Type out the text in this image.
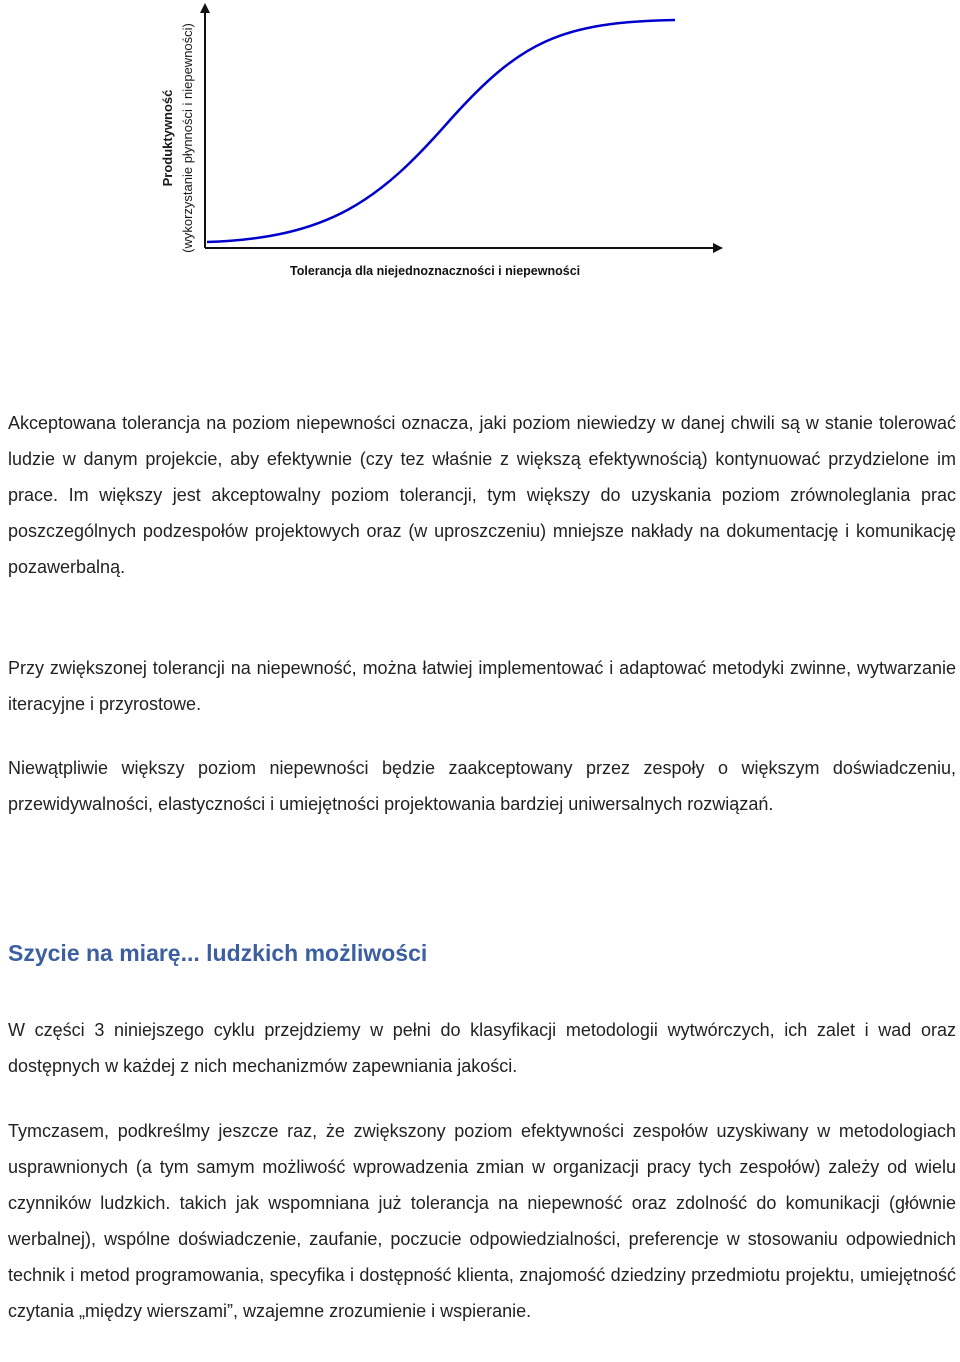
Produktywność (wykorzystanie płynności i niepewności)
Tolerancja dla niejednoznaczności i niepewności

Akceptowana tolerancja na poziom niepewności oznacza, jaki poziom niewiedzy w danej chwili są w stanie tolerować ludzie w danym projekcie, aby efektywnie (czy tez właśnie z większą efektywnością) kontynuować przydzielone im prace. Im większy jest akceptowalny poziom tolerancji, tym większy do uzyskania poziom zrównoleglania prac poszczególnych podzespołów projektowych oraz (w uproszczeniu) mniejsze nakłady na dokumentację i komunikację pozawerbalną.

Przy zwiększonej tolerancji na niepewność, można łatwiej implementować i adaptować metodyki zwinne, wytwarzanie iteracyjne i przyrostowe.

Niewątpliwie większy poziom niepewności będzie zaakceptowany przez zespoły o większym doświadczeniu, przewidywalności, elastyczności i umiejętności projektowania bardziej uniwersalnych rozwiązań.

Szycie na miarę... ludzkich możliwości

W części 3 niniejszego cyklu przejdziemy w pełni do klasyfikacji metodologii wytwórczych, ich zalet i wad oraz dostępnych w każdej z nich mechanizmów zapewniania jakości.

Tymczasem, podkreślmy jeszcze raz, że zwiększony poziom efektywności zespołów uzyskiwany w metodologiach usprawnionych (a tym samym możliwość wprowadzenia zmian w organizacji pracy tych zespołów) zależy od wielu czynników ludzkich. takich jak wspomniana już tolerancja na niepewność oraz zdolność do komunikacji (głównie werbalnej), wspólne doświadczenie, zaufanie, poczucie odpowiedzialności, preferencje w stosowaniu odpowiednich technik i metod programowania, specyfika i dostępność klienta, znajomość dziedziny przedmiotu projektu, umiejętność czytania „między wierszami”, wzajemne zrozumienie i wspieranie.
